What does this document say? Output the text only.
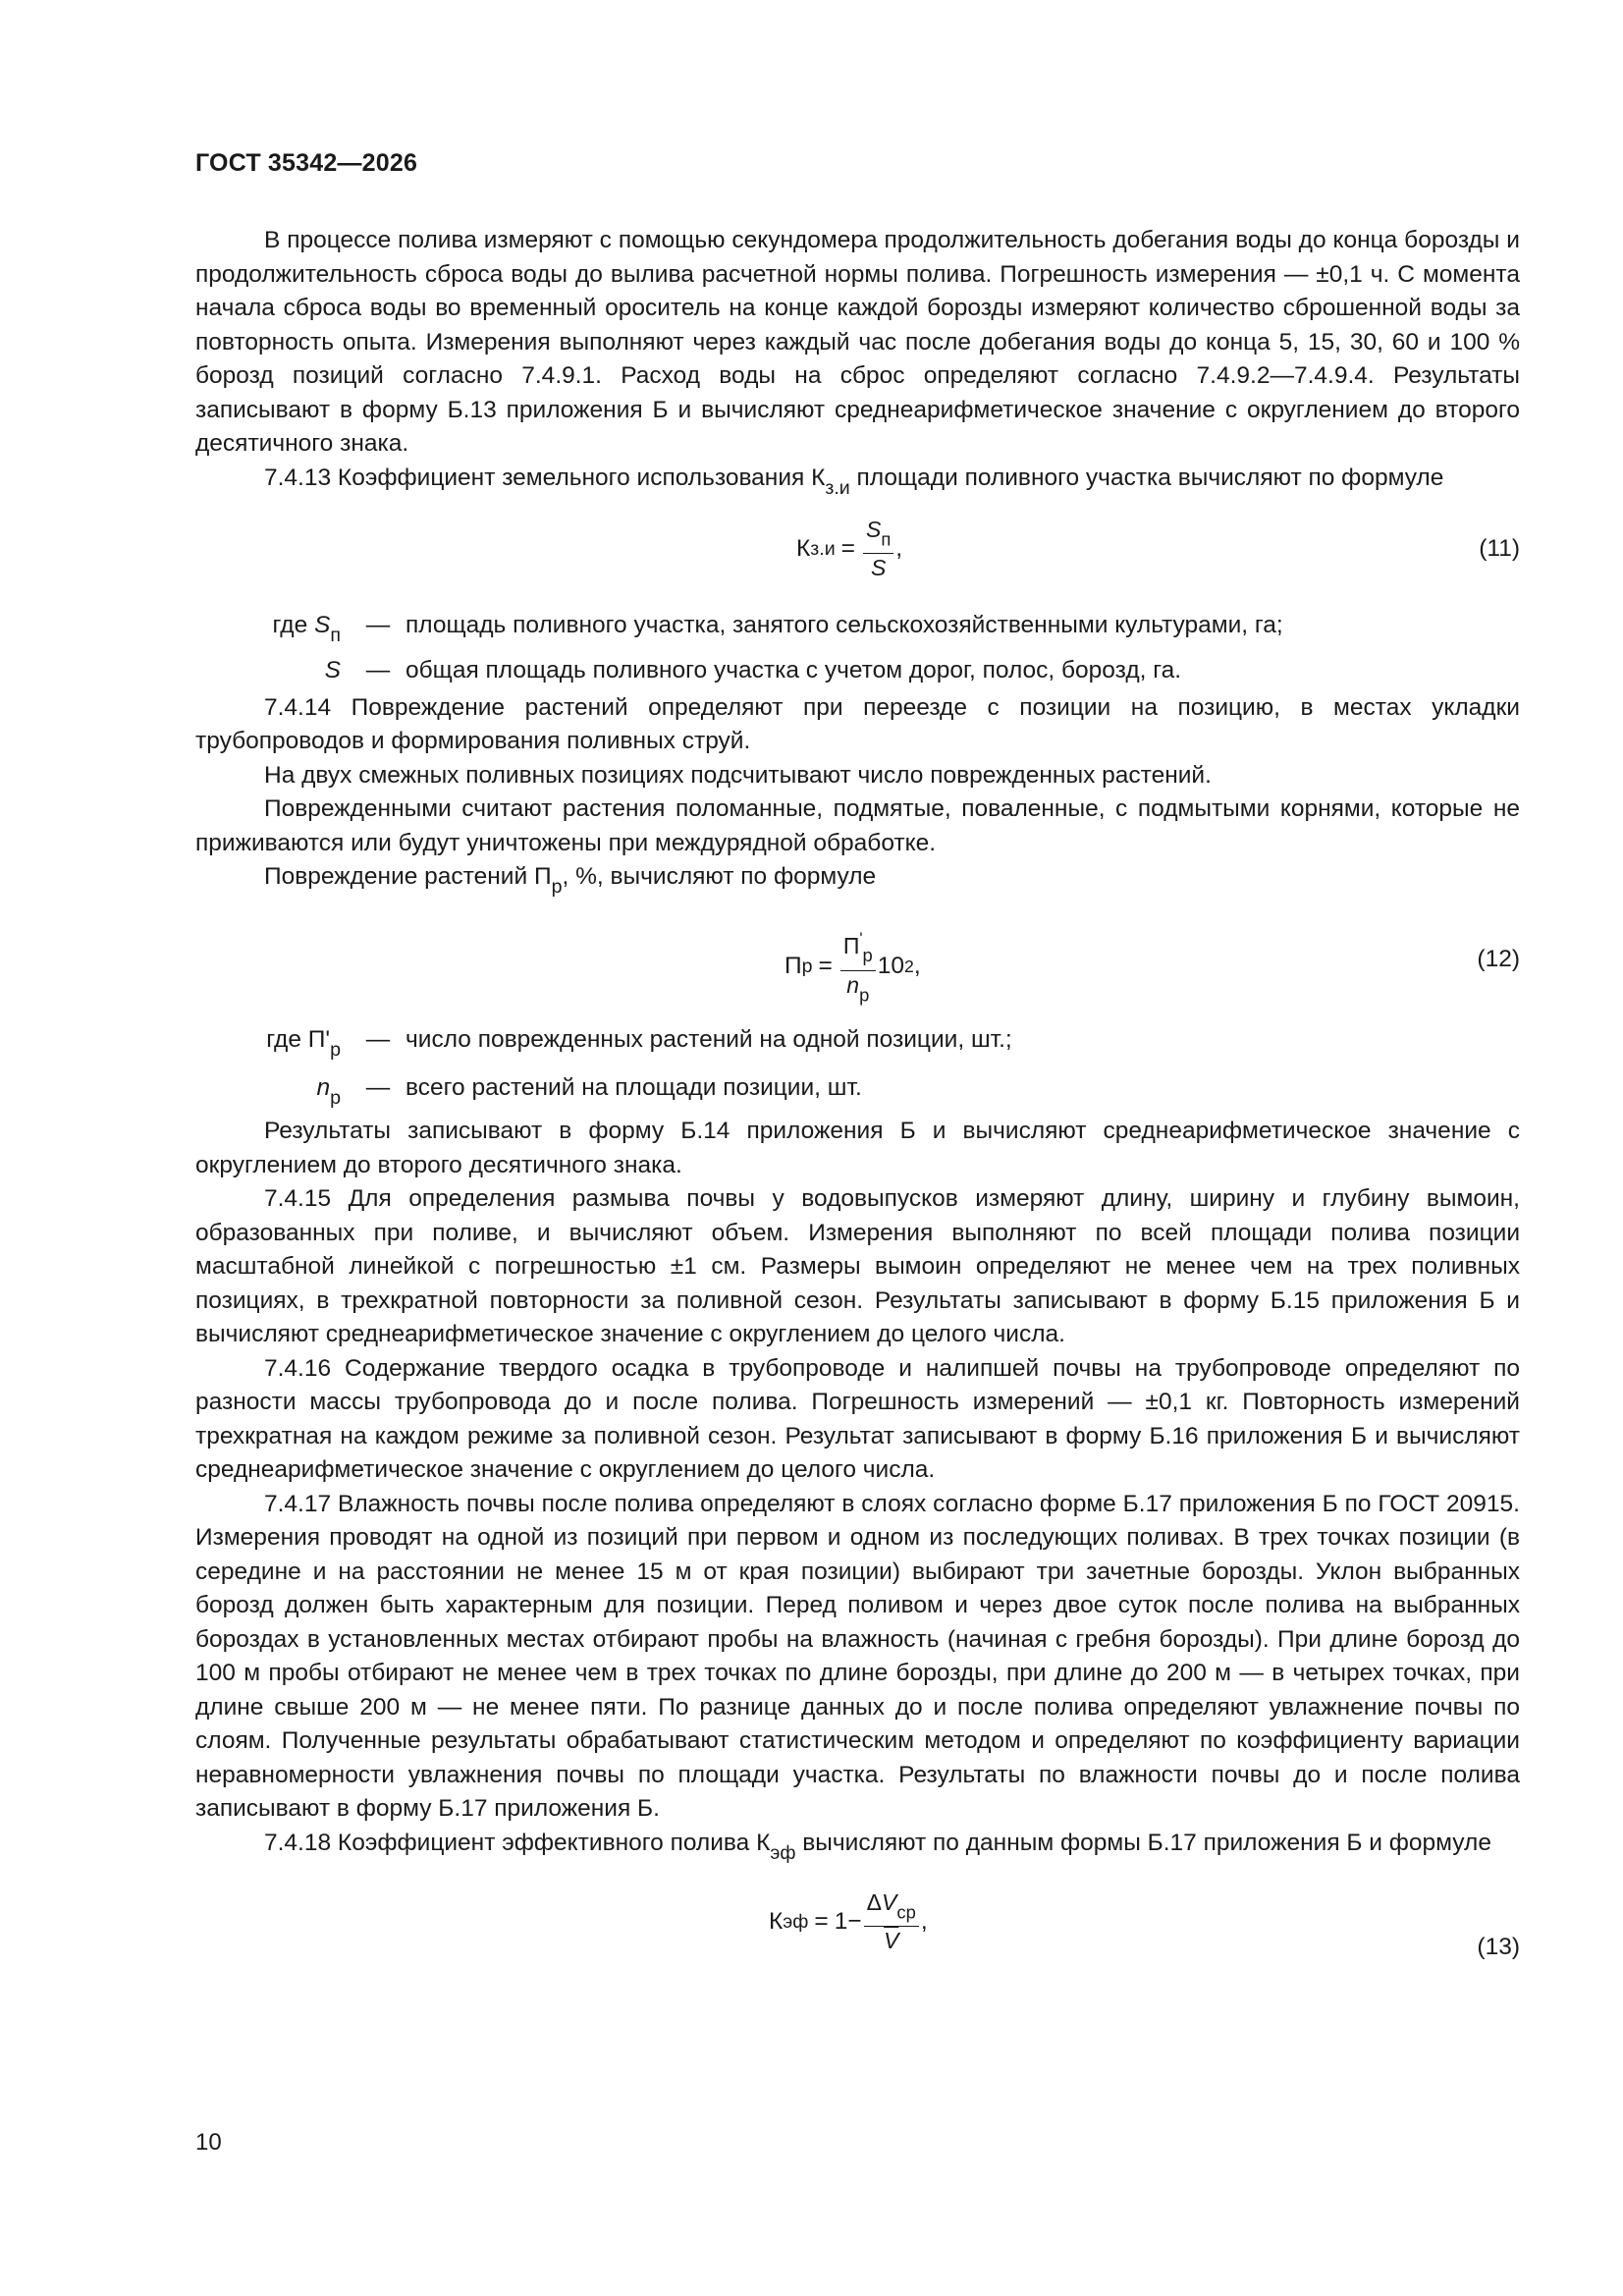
ГОСТ 35342—2026

В процессе полива измеряют с помощью секундомера продолжительность добегания воды до конца борозды и продолжительность сброса воды до вылива расчетной нормы полива. Погрешность измерения — ±0,1 ч. С момента начала сброса воды во временный ороситель на конце каждой борозды измеряют количество сброшенной воды за повторность опыта. Измерения выполняют через каждый час после добегания воды до конца 5, 15, 30, 60 и 100 % борозд позиций согласно 7.4.9.1. Расход воды на сброс определяют согласно 7.4.9.2—7.4.9.4. Результаты записывают в форму Б.13 приложения Б и вычисляют среднеарифметическое значение с округлением до второго десятичного знака.

7.4.13 Коэффициент земельного использования $К_{з.и}$ площади поливного участка вычисляют по формуле

К $з.и = \frac{S_п}{S}$ ,	(11)
где $S_п$	— площадь поливного участка, занятого сельскохозяйственными культурами, га;
S	— общая площадь поливного участка с учетом дорог, полос, борозд, га.

7.4.14 Повреждение растений определяют при переезде с позиции на позицию, в местах укладки трубопроводов и формирования поливных струй.

На двух смежных поливных позициях подсчитывают число поврежденных растений.

Поврежденными считают растения поломанные, подмятые, поваленные, с подмытыми корнями, которые не приживаются или будут уничтожены при междурядной обработке.

Повреждение растений $П_р$, %, вычисляют по формуле

П $р = \frac{П'_р}{n_р} 10$ 2 ,	(12)
где $П'_р$	— число поврежденных растений на одной позиции, шт.;
$n_р$	— всего растений на площади позиции, шт.

Результаты записывают в форму Б.14 приложения Б и вычисляют среднеарифметическое значение с округлением до второго десятичного знака.

7.4.15 Для определения размыва почвы у водовыпусков измеряют длину, ширину и глубину вымоин, образованных при поливе, и вычисляют объем. Измерения выполняют по всей площади полива позиции масштабной линейкой с погрешностью ±1 см. Размеры вымоин определяют не менее чем на трех поливных позициях, в трехкратной повторности за поливной сезон. Результаты записывают в форму Б.15 приложения Б и вычисляют среднеарифметическое значение с округлением до целого числа.

7.4.16 Содержание твердого осадка в трубопроводе и налипшей почвы на трубопроводе определяют по разности массы трубопровода до и после полива. Погрешность измерений — ±0,1 кг. Повторность измерений трехкратная на каждом режиме за поливной сезон. Результат записывают в форму Б.16 приложения Б и вычисляют среднеарифметическое значение с округлением до целого числа.

7.4.17 Влажность почвы после полива определяют в слоях согласно форме Б.17 приложения Б по ГОСТ 20915. Измерения проводят на одной из позиций при первом и одном из последующих поливах. В трех точках позиции (в середине и на расстоянии не менее 15 м от края позиции) выбирают три зачетные борозды. Уклон выбранных борозд должен быть характерным для позиции. Перед поливом и через двое суток после полива на выбранных бороздах в установленных местах отбирают пробы на влажность (начиная с гребня борозды). При длине борозд до 100 м пробы отбирают не менее чем в трех точках по длине борозды, при длине до 200 м — в четырех точках, при длине свыше 200 м — не менее пяти. По разнице данных до и после полива определяют увлажнение почвы по слоям. Полученные результаты обрабатывают статистическим методом и определяют по коэффициенту вариации неравномерности увлажнения почвы по площади участка. Результаты по влажности почвы до и после полива записывают в форму Б.17 приложения Б.

7.4.18 Коэффициент эффективного полива $К_{эф}$ вычисляют по данным формы Б.17 приложения Б и формуле

К эф = $1 - \frac{\Delta V_{ср}}{V}$ ,
(13)
10
